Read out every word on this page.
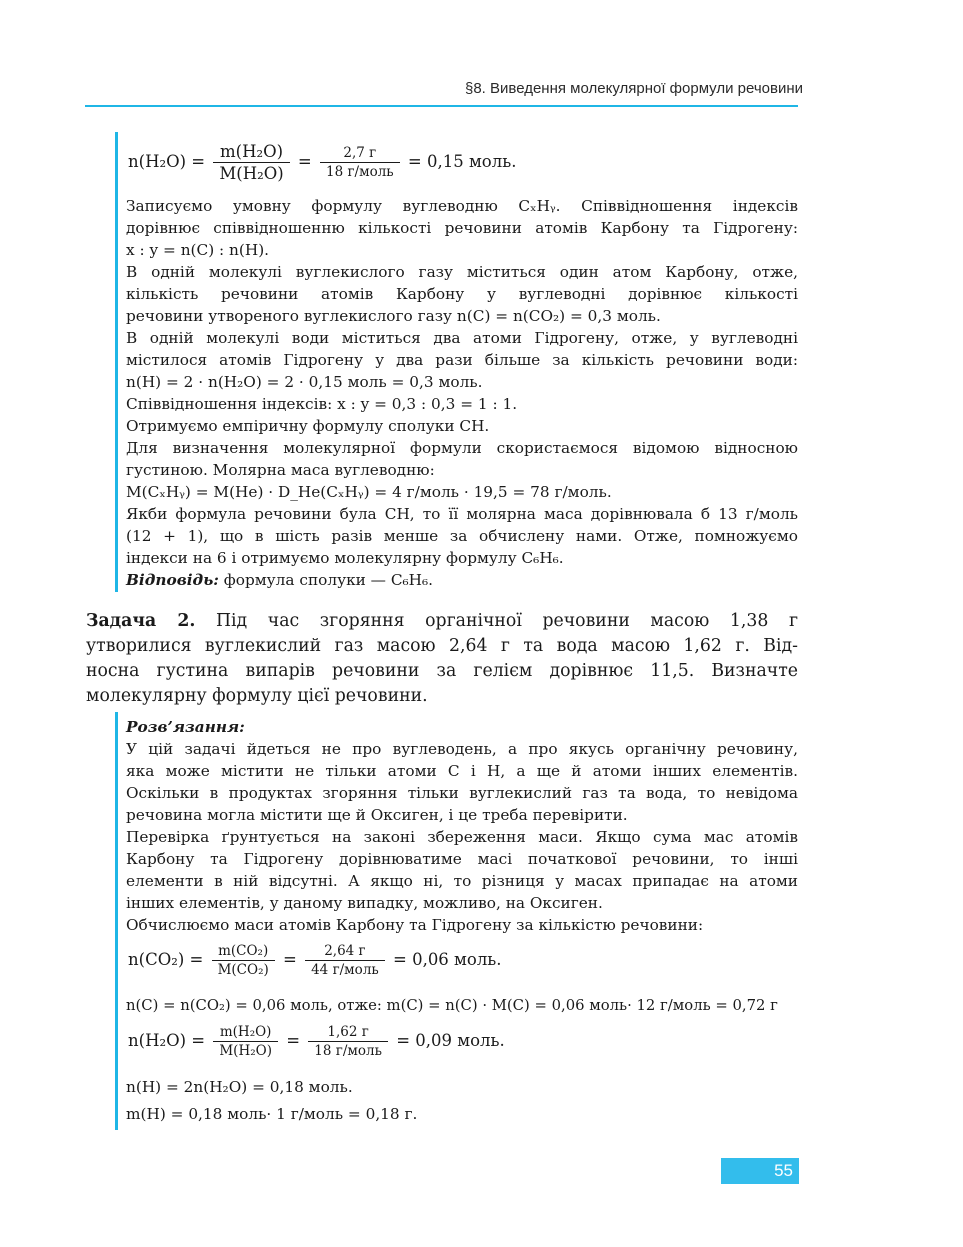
§8. Виведення молекулярної формули речовини
$n(H_2O) = \frac{\text{m(H₂O)}}{\text{M(H₂O)}} = \frac{2,7 г}{\text{18 г/моль}} = 0,15$ моль.
Записуємо умовну формулу вуглеводню CₓHᵧ. Співвідношення індексів
дорівнює співвідношенню кількості речовини атомів Карбону та Гідрогену:
x : y = n(C) : n(H).
В одній молекулі вуглекислого газу міститься один атом Карбону, отже,
кількість речовини атомів Карбону у вуглеводні дорівнює кількості
речовини утвореного вуглекислого газу n(C) = n(CO₂) = 0,3 моль.
В одній молекулі води міститься два атоми Гідрогену, отже, у вуглеводні
містилося атомів Гідрогену у два рази більше за кількість речовини води:
n(H) = 2 · n(H₂O) = 2 · 0,15 моль = 0,3 моль.
Співвідношення індексів: x : y = 0,3 : 0,3 = 1 : 1.
Отримуємо емпіричну формулу сполуки CH.
Для визначення молекулярної формули скористаємося відомою відносною
густиною. Молярна маса вуглеводню:
M(CₓHᵧ) = M(He) · D_He(CₓHᵧ) = 4 г/моль · 19,5 = 78 г/моль.
Якби формула речовини була CH, то її молярна маса дорівнювала б 13 г/моль
(12 + 1), що в шість разів менше за обчислену нами. Отже, помножуємо
індекси на 6 і отримуємо молекулярну формулу C₆H₆.
Відповідь: формула сполуки — C₆H₆.
Задача 2. Під час згоряння органічної речовини масою 1,38 г
утворилися вуглекислий газ масою 2,64 г та вода масою 1,62 г. Від-
носна густина випарів речовини за гелієм дорівнює 11,5. Визначте
молекулярну формулу цієї речовини.
Розв’язання:
У цій задачі йдеться не про вуглеводень, а про якусь органічну речовину,
яка може містити не тільки атоми C і H, а ще й атоми інших елементів.
Оскільки в продуктах згоряння тільки вуглекислий газ та вода, то невідома
речовина могла містити ще й Оксиген, і це треба перевірити.
Перевірка ґрунтується на законі збереження маси. Якщо сума мас атомів
Карбону та Гідрогену дорівнюватиме масі початкової речовини, то інші
елементи в ній відсутні. А якщо ні, то різниця у масах припадає на атоми
інших елементів, у даному випадку, можливо, на Оксиген.
Обчислюємо маси атомів Карбону та Гідрогену за кількістю речовини:
$n(CO_2) = \frac{\text{m(CO₂)}}{\text{M(CO₂)}} = \frac{2,64 г}{\text{44 г/моль}} = 0,06$ моль.
n(C) = n(CO₂) = 0,06 моль, отже: m(C) = n(C) · M(C) = 0,06 моль· 12 г/моль = 0,72 г
$n(H_2O) = \frac{\text{m(H₂O)}}{\text{M(H₂O)}} = \frac{1,62 г}{\text{18 г/моль}} = 0,09$ моль.
n(H) = 2n(H₂O) = 0,18 моль.
m(H) = 0,18 моль· 1 г/моль = 0,18 г.
55
